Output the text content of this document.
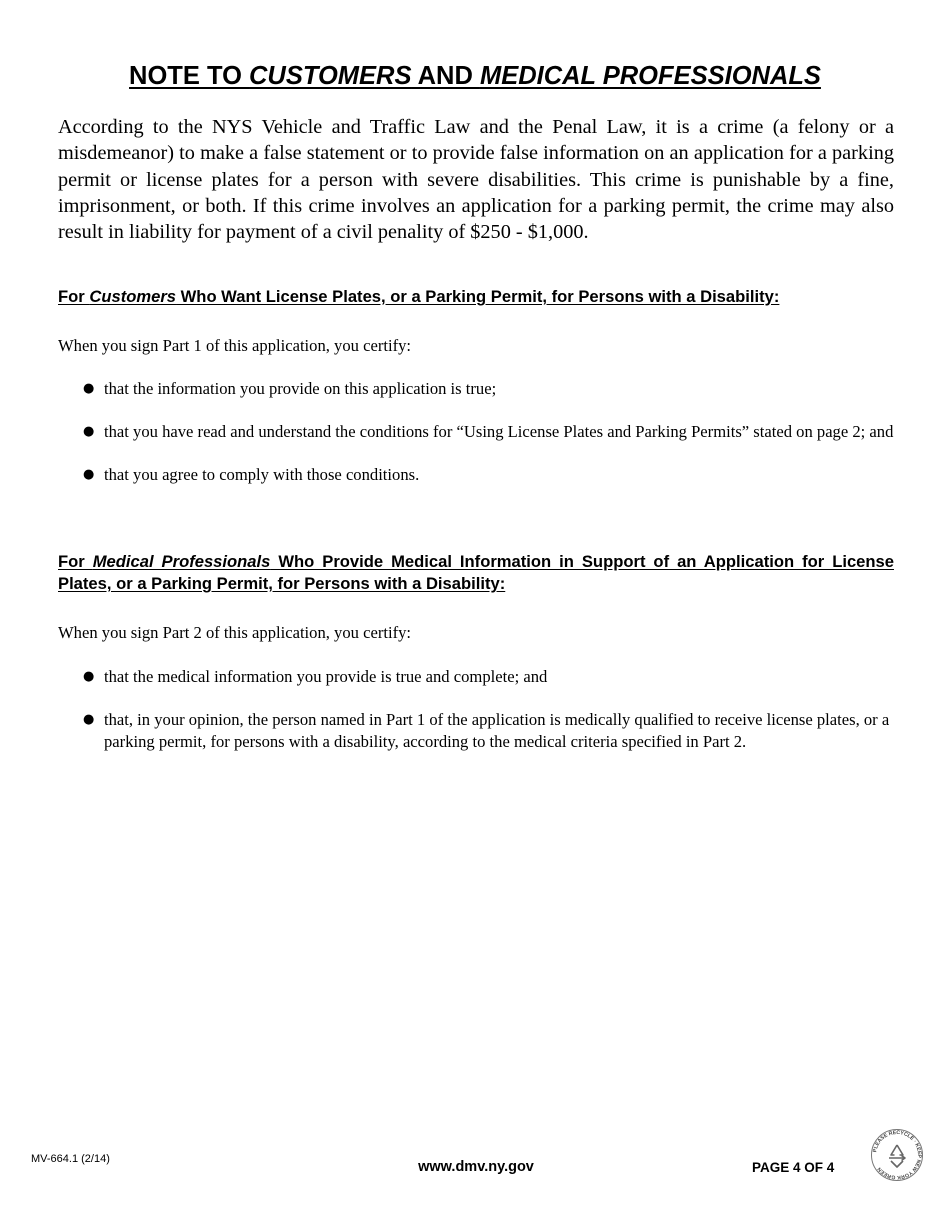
NOTE TO CUSTOMERS AND MEDICAL PROFESSIONALS

According to the NYS Vehicle and Traffic Law and the Penal Law, it is a crime (a felony or a misdemeanor) to make a false statement or to provide false information on an application for a parking permit or license plates for a person with severe disabilities. This crime is punishable by a fine, imprisonment, or both. If this crime involves an application for a parking permit, the crime may also result in liability for payment of a civil penality of $250 - $1,000.

For Customers Who Want License Plates, or a Parking Permit, for Persons with a Disability:

When you sign Part 1 of this application, you certify:

● that the information you provide on this application is true;
● that you have read and understand the conditions for “Using License Plates and Parking Permits” stated on page 2; and
● that you agree to comply with those conditions.
For Medical Professionals Who Provide Medical Information in Support of an Application for License Plates, or a Parking Permit, for Persons with a Disability:

When you sign Part 2 of this application, you certify:

● that the medical information you provide is true and complete; and
● that, in your opinion, the person named in Part 1 of the application is medically qualified to receive license plates, or a parking permit, for persons with a disability, according to the medical criteria specified in Part 2.
MV-664.1 (2/14)	www.dmv.ny.gov	PAGE 4 OF 4
PLEASE RECYCLE · KEEP NEW YORK GREEN
